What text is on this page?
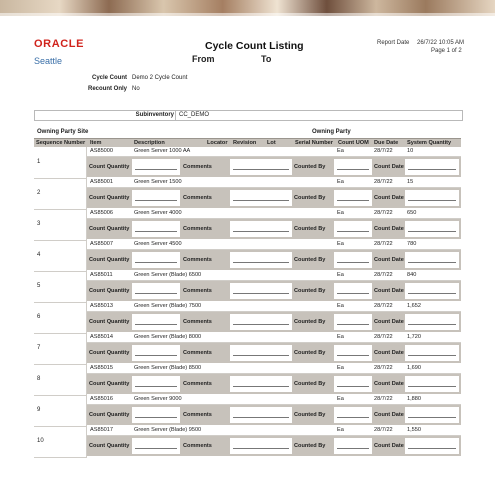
ORACLE
Seattle
Cycle Count Listing
From	To
Report Date 26/7/22 10:05 AM
Page 1 of 2
Cycle Count Demo 2 Cycle Count
Recount Only No
Subinventory CC_DEMO
Owning Party Site	Owning Party
Sequence Number Item	Description	Locator Revision Lot	Serial Number Count UOM Due Date System Quantity
1
AS85000	Green Server 1000 AA	Ea	28/7/22	10
Count Quantity	Comments	Counted By	Count Date
2
AS85001	Green Server 1500	Ea	28/7/22	15
Count Quantity	Comments	Counted By	Count Date
3
AS85006	Green Server 4000	Ea	28/7/22	650
Count Quantity	Comments	Counted By	Count Date
4
AS85007	Green Server 4500	Ea	28/7/22	780
Count Quantity	Comments	Counted By	Count Date
5
AS85011	Green Server (Blade) 6500	Ea	28/7/22	840
Count Quantity	Comments	Counted By	Count Date
6
AS85013	Green Server (Blade) 7500	Ea	28/7/22	1,652
Count Quantity	Comments	Counted By	Count Date
7
AS85014	Green Server (Blade) 8000	Ea	28/7/22	1,720
Count Quantity	Comments	Counted By	Count Date
8
AS85015	Green Server (Blade) 8500	Ea	28/7/22	1,690
Count Quantity	Comments	Counted By	Count Date
9
AS85016	Green Server 9000	Ea	28/7/22	1,880
Count Quantity	Comments	Counted By	Count Date
10
AS85017	Green Server (Blade) 9500	Ea	28/7/22	1,550
Count Quantity	Comments	Counted By	Count Date
